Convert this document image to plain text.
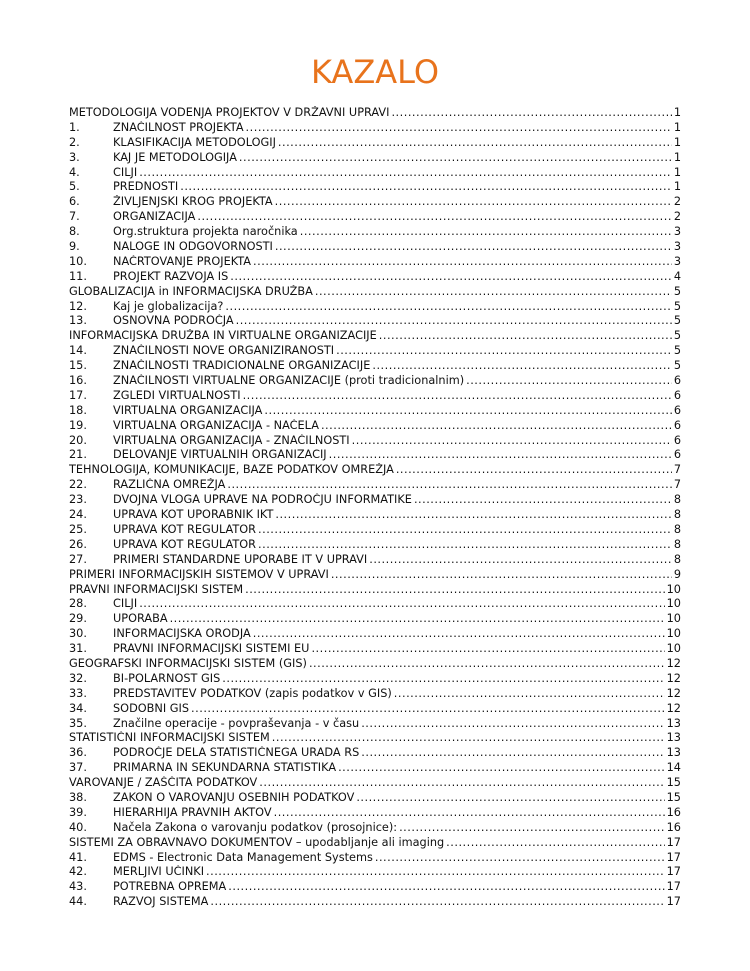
KAZALO
METODOLOGIJA VODENJA PROJEKTOV V DRŽAVNI UPRAVI .....	1
1.	ZNAČILNOST PROJEKTA .....	1
2.	KLASIFIKACIJA METODOLOGIJ .....	1
3.	KAJ JE METODOLOGIJA .....	1
4.	CILJI .....	1
5.	PREDNOSTI .....	1
6.	ŽIVLJENJSKI KROG PROJEKTA .....	2
7.	ORGANIZACIJA .....	2
8.	Org.struktura projekta naročnika .....	3
9.	NALOGE IN ODGOVORNOSTI .....	3
10.	NAČRTOVANJE PROJEKTA .....	3
11.	PROJEKT RAZVOJA IS .....	4
GLOBALIZACIJA in INFORMACIJSKA DRUŽBA .....	5
12.	Kaj je globalizacija? .....	5
13.	OSNOVNA PODROČJA .....	5
INFORMACIJSKA DRUŽBA IN VIRTUALNE ORGANIZACIJE .....	5
14.	ZNAČILNOSTI NOVE ORGANIZIRANOSTI .....	5
15.	ZNAČILNOSTI TRADICIONALNE ORGANIZACIJE .....	5
16.	ZNAČILNOSTI VIRTUALNE ORGANIZACIJE (proti tradicionalnim) .....	6
17.	ZGLEDI VIRTUALNOSTI .....	6
18.	VIRTUALNA ORGANIZACIJA .....	6
19.	VIRTUALNA ORGANIZACIJA - NAČELA .....	6
20.	VIRTUALNA ORGANIZACIJA - ZNAČILNOSTI .....	6
21.	DELOVANJE VIRTUALNIH ORGANIZACIJ .....	6
TEHNOLOGIJA, KOMUNIKACIJE, BAZE PODATKOV OMREŽJA .....	7
22.	RAZLIČNA OMREŽJA .....	7
23.	DVOJNA VLOGA UPRAVE NA PODROČJU INFORMATIKE .....	8
24.	UPRAVA KOT UPORABNIK IKT .....	8
25.	UPRAVA KOT REGULATOR .....	8
26.	UPRAVA KOT REGULATOR .....	8
27.	PRIMERI STANDARDNE UPORABE IT V UPRAVI .....	8
PRIMERI INFORMACIJSKIH SISTEMOV V UPRAVI .....	9
PRAVNI INFORMACIJSKI SISTEM .....	10
28.	CILJI .....	10
29.	UPORABA .....	10
30.	INFORMACIJSKA ORODJA .....	10
31.	PRAVNI INFORMACIJSKI SISTEMI EU .....	10
GEOGRAFSKI INFORMACIJSKI SISTEM (GIS) .....	12
32.	BI-POLARNOST GIS .....	12
33.	PREDSTAVITEV PODATKOV (zapis podatkov v GIS) .....	12
34.	SODOBNI GIS .....	12
35.	Značilne operacije - povpraševanja - v času .....	13
STATISTIČNI INFORMACIJSKI SISTEM .....	13
36.	PODROČJE DELA STATISTIČNEGA URADA RS .....	13
37.	PRIMARNA IN SEKUNDARNA STATISTIKA .....	14
VAROVANJE / ZAŠČITA PODATKOV .....	15
38.	ZAKON O VAROVANJU OSEBNIH PODATKOV .....	15
39.	HIERARHIJA PRAVNIH AKTOV .....	16
40.	Načela Zakona o varovanju podatkov (prosojnice): .....	16
SISTEMI ZA OBRAVNAVO DOKUMENTOV – upodabljanje ali imaging .....	17
41.	EDMS - Electronic Data Management Systems .....	17
42.	MERLJIVI UČINKI .....	17
43.	POTREBNA OPREMA .....	17
44.	RAZVOJ SISTEMA .....	17
